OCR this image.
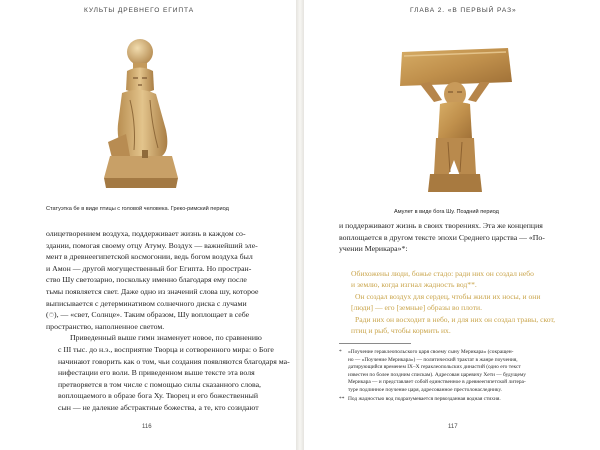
КУЛЬТЫ ДРЕВНЕГО ЕГИПТА
Статуэтка бе в виде птицы с головой человека. Греко-римский период

олицетворением воздуха, поддерживает жизнь в каждом со-
здании, помогая своему отцу Атуму. Воздух — важнейший эле-
мент в древнеегипетской космогонии, ведь богом воздуха был
и Амон — другой могущественный бог Египта. Но простран-
ство Шу светозарно, поскольку именно благодаря ему после
тьмы появляется свет. Даже одно из значений слова шу, которое
выписывается с детерминативом солнечного диска с лучами
(𓇸), — «свет, Солнце». Таким образом, Шу воплощает в себе
пространство, наполненное светом.

Приведенный выше гимн знаменует новое, по сравнению
с III тыс. до н.э., восприятие Творца и сотворенного мира: о Боге
начинают говорить как о том, чьи создания появляются благодаря ма-
нифестации его воли. В приведенном выше тексте эта воля
претворяется в том числе с помощью силы сказанного слова,
воплощаемого в образе бога Ху. Творец и его божественный
сын — не далекие абстрактные божества, а те, кто созидают

116
ГЛАВА 2. «В ПЕРВЫЙ РАЗ»
Амулет в виде бога Шу. Поздний период
и поддерживают жизнь в своих творениях. Эта же концепция
воплощается в другом тексте эпохи Среднего царства — «По-
учении Мерикара»*:
Обихожены люди, божье стадо: ради них он создал небо
и землю, когда изгнал жадность вод**.
Он создал воздух для сердец, чтобы жили их носы, и они
[люди] — его [земные] образы во плоти.
Ради них он восходит в небо, и для них он создал травы, скот,
птиц и рыб, чтобы кормить их.
*	«Поучение гераклеопольского царя своему сыну Мерикара» (сокращен-
но — «Поучение Мерикара») — политический трактат в жанре поучения,
датирующийся временем IX–X гераклеопольских династий (одно его текст
известен по более поздним спискам). Адресован царевичу Хети — будущему
Мерикара — и представляет собой единственное в древнеегипетской литера-
туре подлинное поучение царя, адресованное престолонаследнику.
** Под жадностью вод подразумевается первозданная водная стихия.
117
